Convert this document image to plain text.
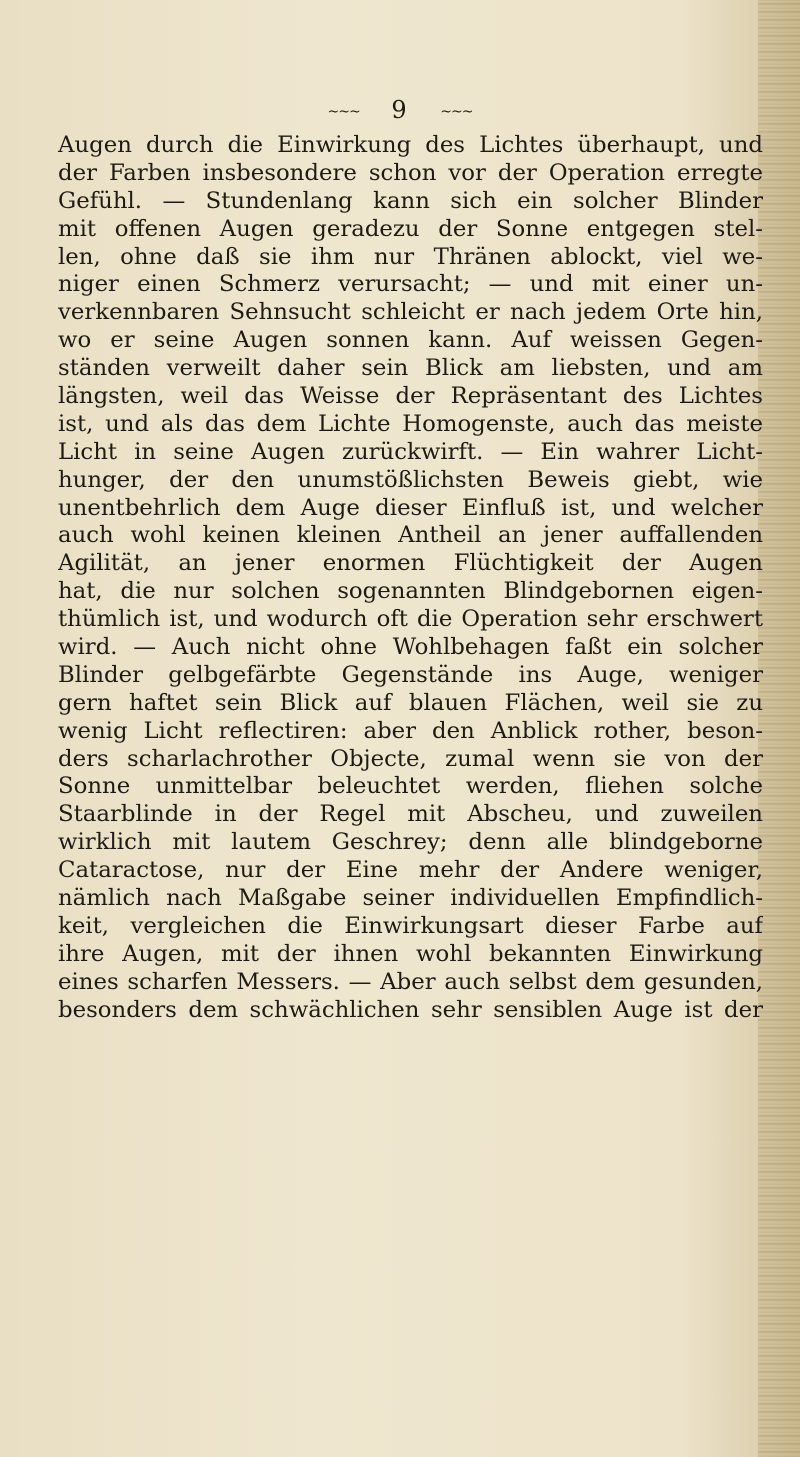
~~~ 9 ~~~
Augen durch die Einwirkung des Lichtes überhaupt, und
der Farben insbesondere schon vor der Operation erregte
Gefühl. — Stundenlang kann sich ein solcher Blinder
mit offenen Augen geradezu der Sonne entgegen stel-
len, ohne daß sie ihm nur Thränen ablockt, viel we-
niger einen Schmerz verursacht; — und mit einer un-
verkennbaren Sehnsucht schleicht er nach jedem Orte hin,
wo er seine Augen sonnen kann. Auf weissen Gegen-
ständen verweilt daher sein Blick am liebsten, und am
längsten, weil das Weisse der Repräsentant des Lichtes
ist, und als das dem Lichte Homogenste, auch das meiste
Licht in seine Augen zurückwirft. — Ein wahrer Licht-
hunger, der den unumstößlichsten Beweis giebt, wie
unentbehrlich dem Auge dieser Einfluß ist, und welcher
auch wohl keinen kleinen Antheil an jener auffallenden
Agilität, an jener enormen Flüchtigkeit der Augen
hat, die nur solchen sogenannten Blindgebornen eigen-
thümlich ist, und wodurch oft die Operation sehr erschwert
wird. — Auch nicht ohne Wohlbehagen faßt ein solcher
Blinder gelbgefärbte Gegenstände ins Auge, weniger
gern haftet sein Blick auf blauen Flächen, weil sie zu
wenig Licht reflectiren: aber den Anblick rother, beson-
ders scharlachrother Objecte, zumal wenn sie von der
Sonne unmittelbar beleuchtet werden, fliehen solche
Staarblinde in der Regel mit Abscheu, und zuweilen
wirklich mit lautem Geschrey; denn alle blindgeborne
Cataractose, nur der Eine mehr der Andere weniger,
nämlich nach Maßgabe seiner individuellen Empfindlich-
keit, vergleichen die Einwirkungsart dieser Farbe auf
ihre Augen, mit der ihnen wohl bekannten Einwirkung
eines scharfen Messers. — Aber auch selbst dem gesunden,
besonders dem schwächlichen sehr sensiblen Auge ist der
